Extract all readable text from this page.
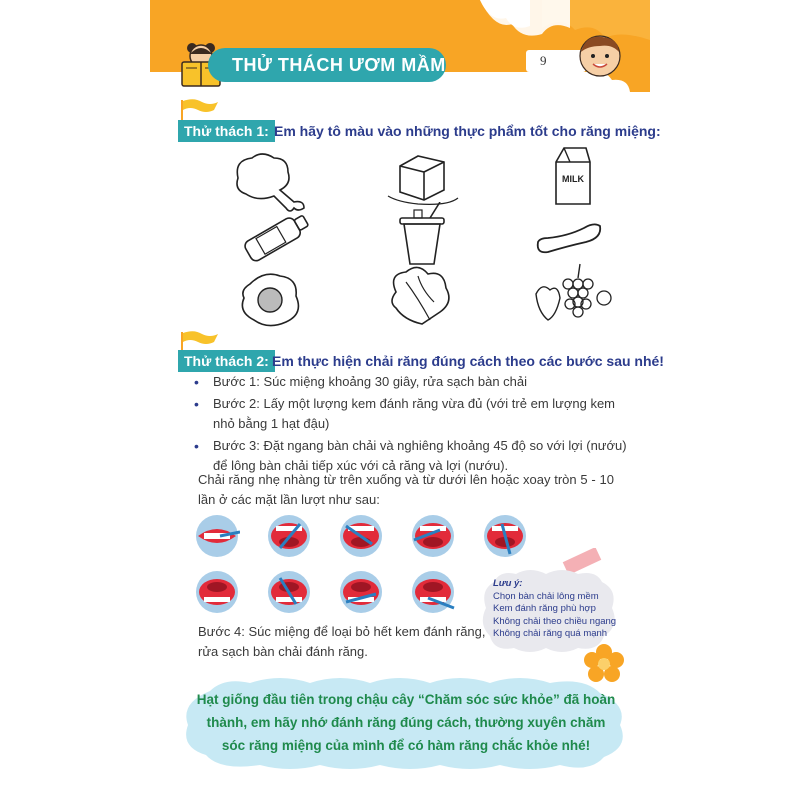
THỬ THÁCH ƯƠM MẦM	9
Thử thách 1: Em hãy tô màu vào những thực phẩm tốt cho răng miệng:
MILK
Thử thách 2: Em thực hiện chải răng đúng cách theo các bước sau nhé!
• Bước 1: Súc miệng khoảng 30 giây, rửa sạch bàn chải
• Bước 2: Lấy một lượng kem đánh răng vừa đủ (với trẻ em lượng kem nhỏ bằng 1 hạt đậu)
• Bước 3: Đặt ngang bàn chải và nghiêng khoảng 45 độ so với lợi (nướu) để lông bàn chải tiếp xúc với cả răng và lợi (nướu).
Chải răng nhẹ nhàng từ trên xuống và từ dưới lên hoặc xoay tròn 5 - 10 lần ở các mặt lần lượt như sau:
Lưu ý:
Chọn bàn chải lông mềm
Kem đánh răng phù hợp
Không chải theo chiều ngang
Không chải răng quá mạnh
Bước 4: Súc miệng để loại bỏ hết kem đánh răng, rửa sạch bàn chải đánh răng.
Hạt giống đầu tiên trong chậu cây “Chăm sóc sức khỏe” đã hoàn thành, em hãy nhớ đánh răng đúng cách, thường xuyên chăm sóc răng miệng của mình để có hàm răng chắc khỏe nhé!
